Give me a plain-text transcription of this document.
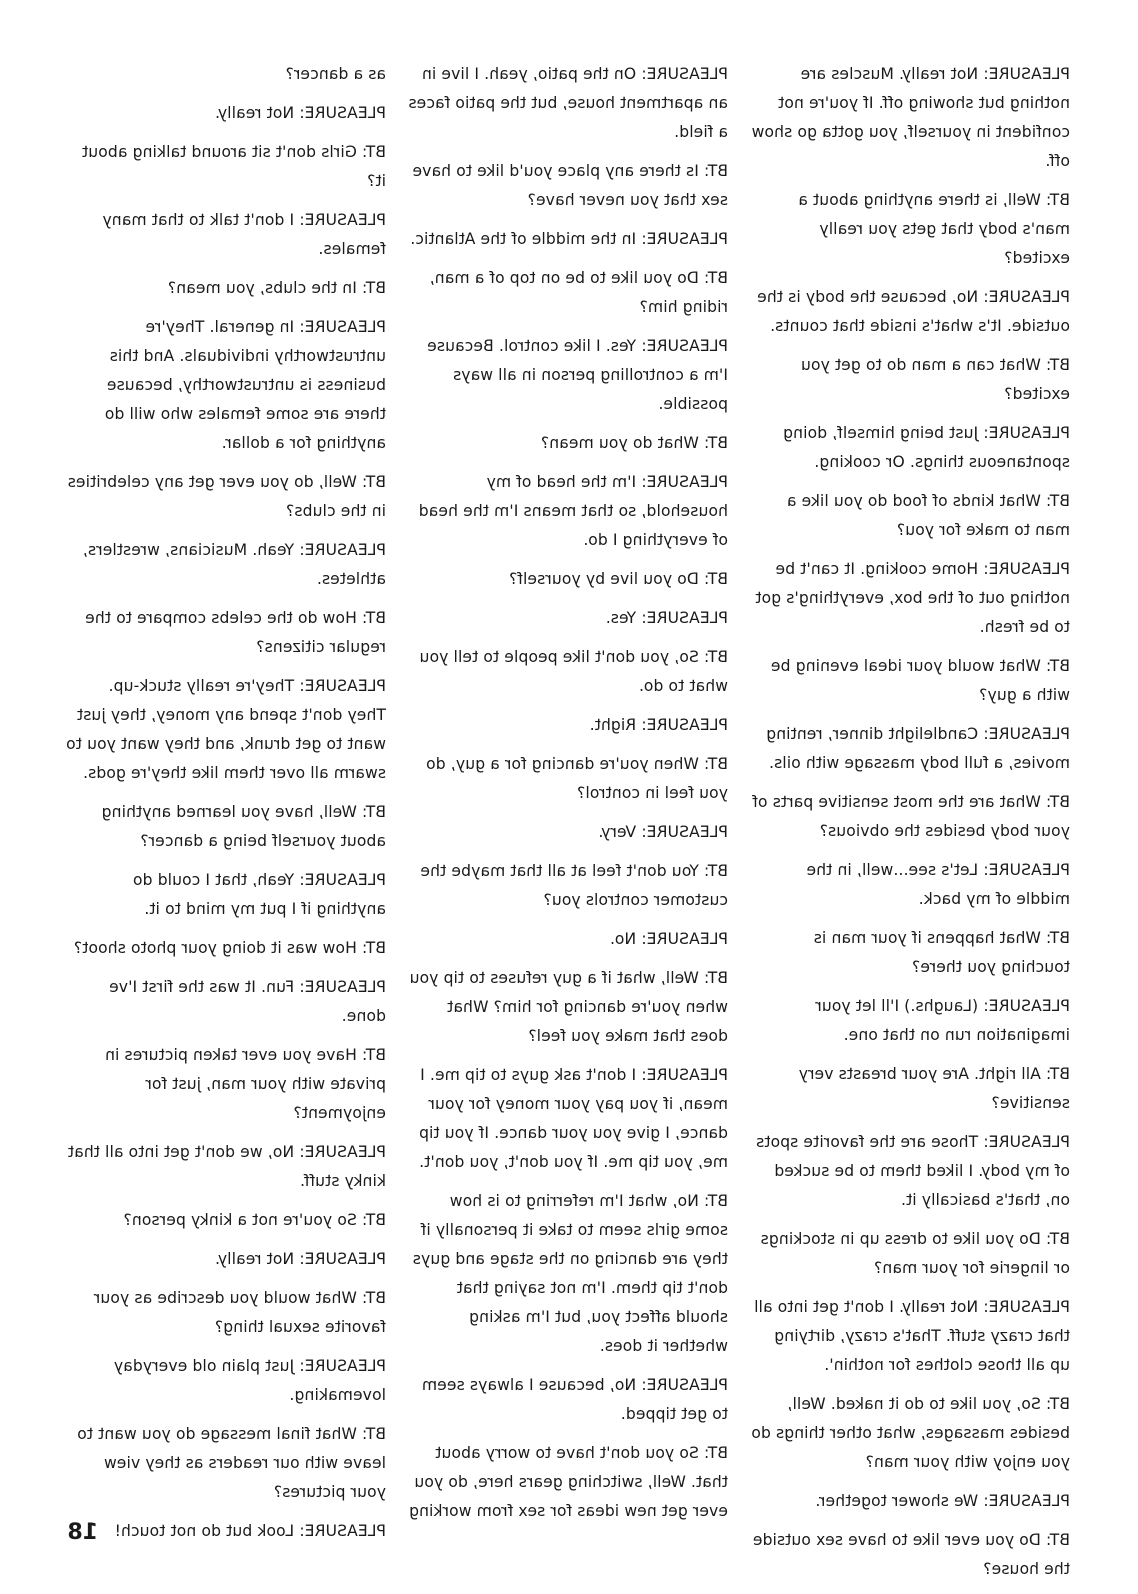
PLEASURE: Not really. Muscles are nothing but showing off. If you're not confident in yourself, you gotta go show off.

BT: Well, is there anything about a man's body that gets you really excited?

PLEASURE: No, because the body is the outside. It's what's inside that counts.

BT: What can a man do to get you excited?

PLEASURE: Just being himself, doing spontaneous things. Or cooking.

BT: What kinds of food do you like a man to make for you?

PLEASURE: Home cooking. It can't be nothing out of the box, everything's got to be fresh.

BT: What would your ideal evening be with a guy?

PLEASURE: Candlelight dinner, renting movies, a full body massage with oils.

BT: What are the most sensitive parts of your body besides the obvious?

PLEASURE: Let's see...well, in the middle of my back.

BT: What happens if your man is touching you there?

PLEASURE: (Laughs.) I'll let your imagination run on that one.

BT: All right. Are your breasts very sensitive?

PLEASURE: Those are the favorite spots of my body. I liked them to be sucked on, that's basically it.

BT: Do you like to dress up in stockings or lingerie for your man?

PLEASURE: Not really. I don't get into all that crazy stuff. That's crazy, dirtying up all those clothes for nothin'.

BT: So, you like to do it naked. Well, besides massages, what other things do you enjoy with your man?

PLEASURE: We shower together.

BT: Do you ever like to have sex outside the house?

PLEASURE: On the patio, yeah. I live in an apartment house, but the patio faces a field.

BT: Is there any place you'd like to have sex that you never have?

PLEASURE: In the middle of the Atlantic.

BT: Do you like to be on top of a man, riding him?

PLEASURE: Yes. I like control. Because I'm a controlling person in all ways possible.

BT: What do you mean?

PLEASURE: I'm the head of my household, so that means I'm the head of everything I do.

BT: Do you live by yourself?

PLEASURE: Yes.

BT: So, you don't like people to tell you what to do.

PLEASURE: Right.

BT: When you're dancing for a guy, do you feel in control?

PLEASURE: Very.

BT: You don't feel at all that maybe the customer controls you?

PLEASURE: No.

BT: Well, what if a guy refuses to tip you when you're dancing for him? What does that make you feel?

PLEASURE: I don't ask guys to tip me. I mean, if you pay your money for your dance, I give you your dance. If you tip me, you tip me. If you don't, you don't.

BT: No, what I'm referring to is how some girls seem to take it personally if they are dancing on the stage and guys don't tip them. I'm not saying that should affect you, but I'm asking whether it does.

PLEASURE: No, because I always seem to get tipped.

BT: So you don't have to worry about that. Well, switching gears here, do you ever get new ideas for sex from working

as a dancer?

PLEASURE: Not really.

BT: Girls don't sit around talking about it?

PLEASURE: I don't talk to that many females.

BT: In the clubs, you mean?

PLEASURE: In general. They're untrustworthy individuals. And this business is untrustworthy, because there are some females who will do anything for a dollar.

BT: Well, do you ever get any celebrities in the clubs?

PLEASURE: Yeah. Musicians, wrestlers, athletes.

BT: How do the celebs compare to the regular citizens?

PLEASURE: They're really stuck-up. They don't spend any money, they just want to get drunk, and they want you to swarm all over them like they're gods.

BT: Well, have you learned anything about yourself being a dancer?

PLEASURE: Yeah, that I could do anything if I put my mind to it.

BT: How was it doing your photo shoot?

PLEASURE: Fun. It was the first I've done.

BT: Have you ever taken pictures in private with your man, just for enjoyment?

PLEASURE: No, we don't get into all that kinky stuff.

BT: So you're not a kinky person?

PLEASURE: Not really.

BT: What would you describe as your favorite sexual thing?

PLEASURE: Just plain old everyday lovemaking.

BT: What final message do you want to leave with our readers as they view your pictures?

PLEASURE: Look but do not touch!

18
